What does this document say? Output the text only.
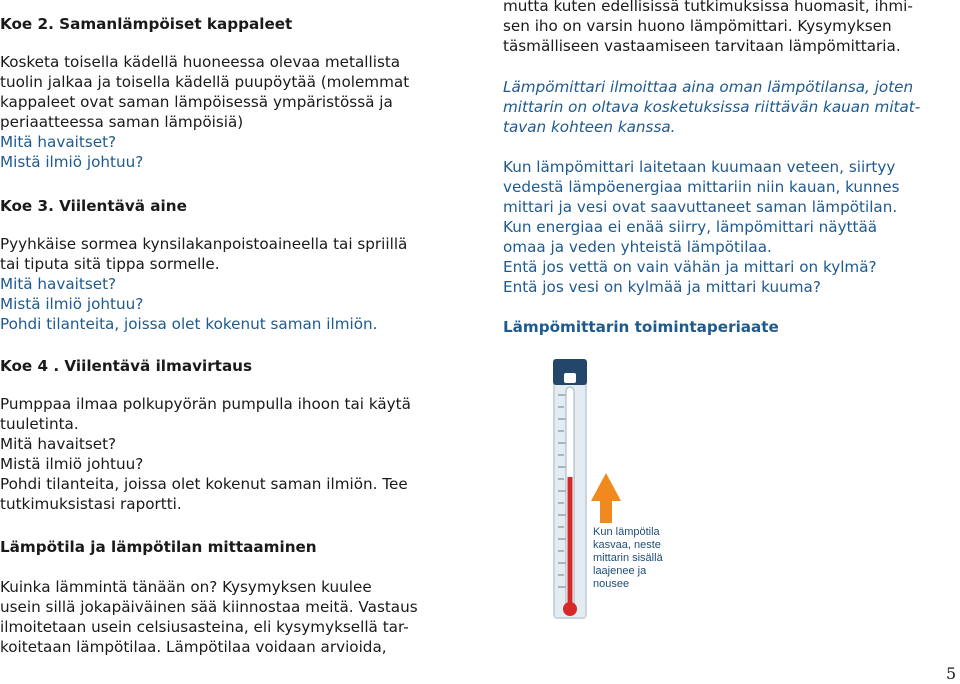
Koe 2. Samanlämpöiset kappaleet

Kosketa toisella kädellä huoneessa olevaa metallista

tuolin jalkaa ja toisella kädellä puupöytää (molemmat

kappaleet ovat saman lämpöisessä ympäristössä ja

periaatteessa saman lämpöisiä)

Mitä havaitset?

Mistä ilmiö johtuu?

Koe 3. Viilentävä aine

Pyyhkäise sormea kynsilakanpoistoaineella tai spriillä

tai tiputa sitä tippa sormelle.

Mitä havaitset?

Mistä ilmiö johtuu?

Pohdi tilanteita, joissa olet kokenut saman ilmiön.

Koe 4 . Viilentävä ilmavirtaus

Pumppaa ilmaa polkupyörän pumpulla ihoon tai käytä

tuuletinta.

Mitä havaitset?

Mistä ilmiö johtuu?

Pohdi tilanteita, joissa olet kokenut saman ilmiön. Tee

tutkimuksistasi raportti.

Lämpötila ja lämpötilan mittaaminen

Kuinka lämmintä tänään on? Kysymyksen kuulee

usein sillä jokapäiväinen sää kiinnostaa meitä. Vastaus

ilmoitetaan usein celsiusasteina, eli kysymyksellä tar-

koitetaan lämpötilaa. Lämpötilaa voidaan arvioida,

mutta kuten edellisissä tutkimuksissa huomasit, ihmi-

sen iho on varsin huono lämpömittari. Kysymyksen

täsmälliseen vastaamiseen tarvitaan lämpömittaria.

Lämpömittari ilmoittaa aina oman lämpötilansa, joten

mittarin on oltava kosketuksissa riittävän kauan mitat-

tavan kohteen kanssa.

Kun lämpömittari laitetaan kuumaan veteen, siirtyy

vedestä lämpöenergiaa mittariin niin kauan, kunnes

mittari ja vesi ovat saavuttaneet saman lämpötilan.

Kun energiaa ei enää siirry, lämpömittari näyttää

omaa ja veden yhteistä lämpötilaa.

Entä jos vettä on vain vähän ja mittari on kylmä?

Entä jos vesi on kylmää ja mittari kuuma?

Lämpömittarin toimintaperiaate

Kun lämpötila
kasvaa, neste
mittarin sisällä
laajenee ja
nousee
5
